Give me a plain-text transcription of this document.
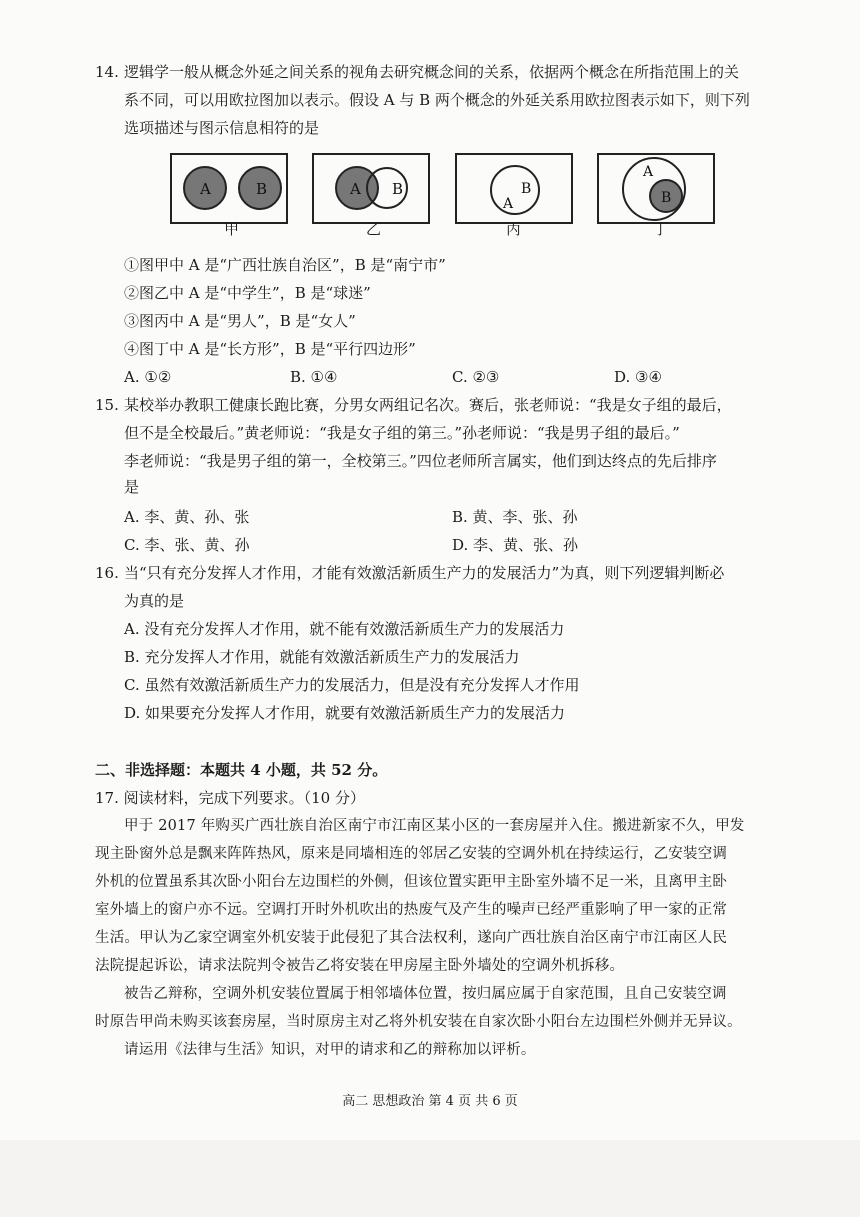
14. 逻辑学一般从概念外延之间关系的视角去研究概念间的关系，依据两个概念在所指范围上的关
系不同，可以用欧拉图加以表示。假设 A 与 B 两个概念的外延关系用欧拉图表示如下，则下列
选项描述与图示信息相符的是
A	B
甲
A B
乙
B
A
丙
A
B
丁
①图甲中 A 是“广西壮族自治区”，B 是“南宁市”
②图乙中 A 是“中学生”，B 是“球迷”
③图丙中 A 是“男人”，B 是“女人”
④图丁中 A 是“长方形”，B 是“平行四边形”
A. ①②	B. ①④	C. ②③	D. ③④
15. 某校举办教职工健康长跑比赛，分男女两组记名次。赛后，张老师说：“我是女子组的最后，
但不是全校最后。”黄老师说：“我是女子组的第三。”孙老师说：“我是男子组的最后。”
李老师说：“我是男子组的第一，全校第三。”四位老师所言属实，他们到达终点的先后排序
是
A. 李、黄、孙、张	B. 黄、李、张、孙
C. 李、张、黄、孙	D. 李、黄、张、孙
16. 当“只有充分发挥人才作用，才能有效激活新质生产力的发展活力”为真，则下列逻辑判断必
为真的是
A. 没有充分发挥人才作用，就不能有效激活新质生产力的发展活力
B. 充分发挥人才作用，就能有效激活新质生产力的发展活力
C. 虽然有效激活新质生产力的发展活力，但是没有充分发挥人才作用
D. 如果要充分发挥人才作用，就要有效激活新质生产力的发展活力
二、非选择题：本题共 4 小题，共 52 分。
17. 阅读材料，完成下列要求。（10 分）
甲于 2017 年购买广西壮族自治区南宁市江南区某小区的一套房屋并入住。搬进新家不久，甲发
现主卧窗外总是飘来阵阵热风，原来是同墙相连的邻居乙安装的空调外机在持续运行，乙安装空调
外机的位置虽系其次卧小阳台左边围栏的外侧，但该位置实距甲主卧室外墙不足一米，且离甲主卧
室外墙上的窗户亦不远。空调打开时外机吹出的热废气及产生的噪声已经严重影响了甲一家的正常
生活。甲认为乙家空调室外机安装于此侵犯了其合法权利，遂向广西壮族自治区南宁市江南区人民
法院提起诉讼，请求法院判令被告乙将安装在甲房屋主卧外墙处的空调外机拆移。
被告乙辩称，空调外机安装位置属于相邻墙体位置，按归属应属于自家范围，且自己安装空调
时原告甲尚未购买该套房屋，当时原房主对乙将外机安装在自家次卧小阳台左边围栏外侧并无异议。
请运用《法律与生活》知识，对甲的请求和乙的辩称加以评析。
高二 思想政治 第 4 页 共 6 页
